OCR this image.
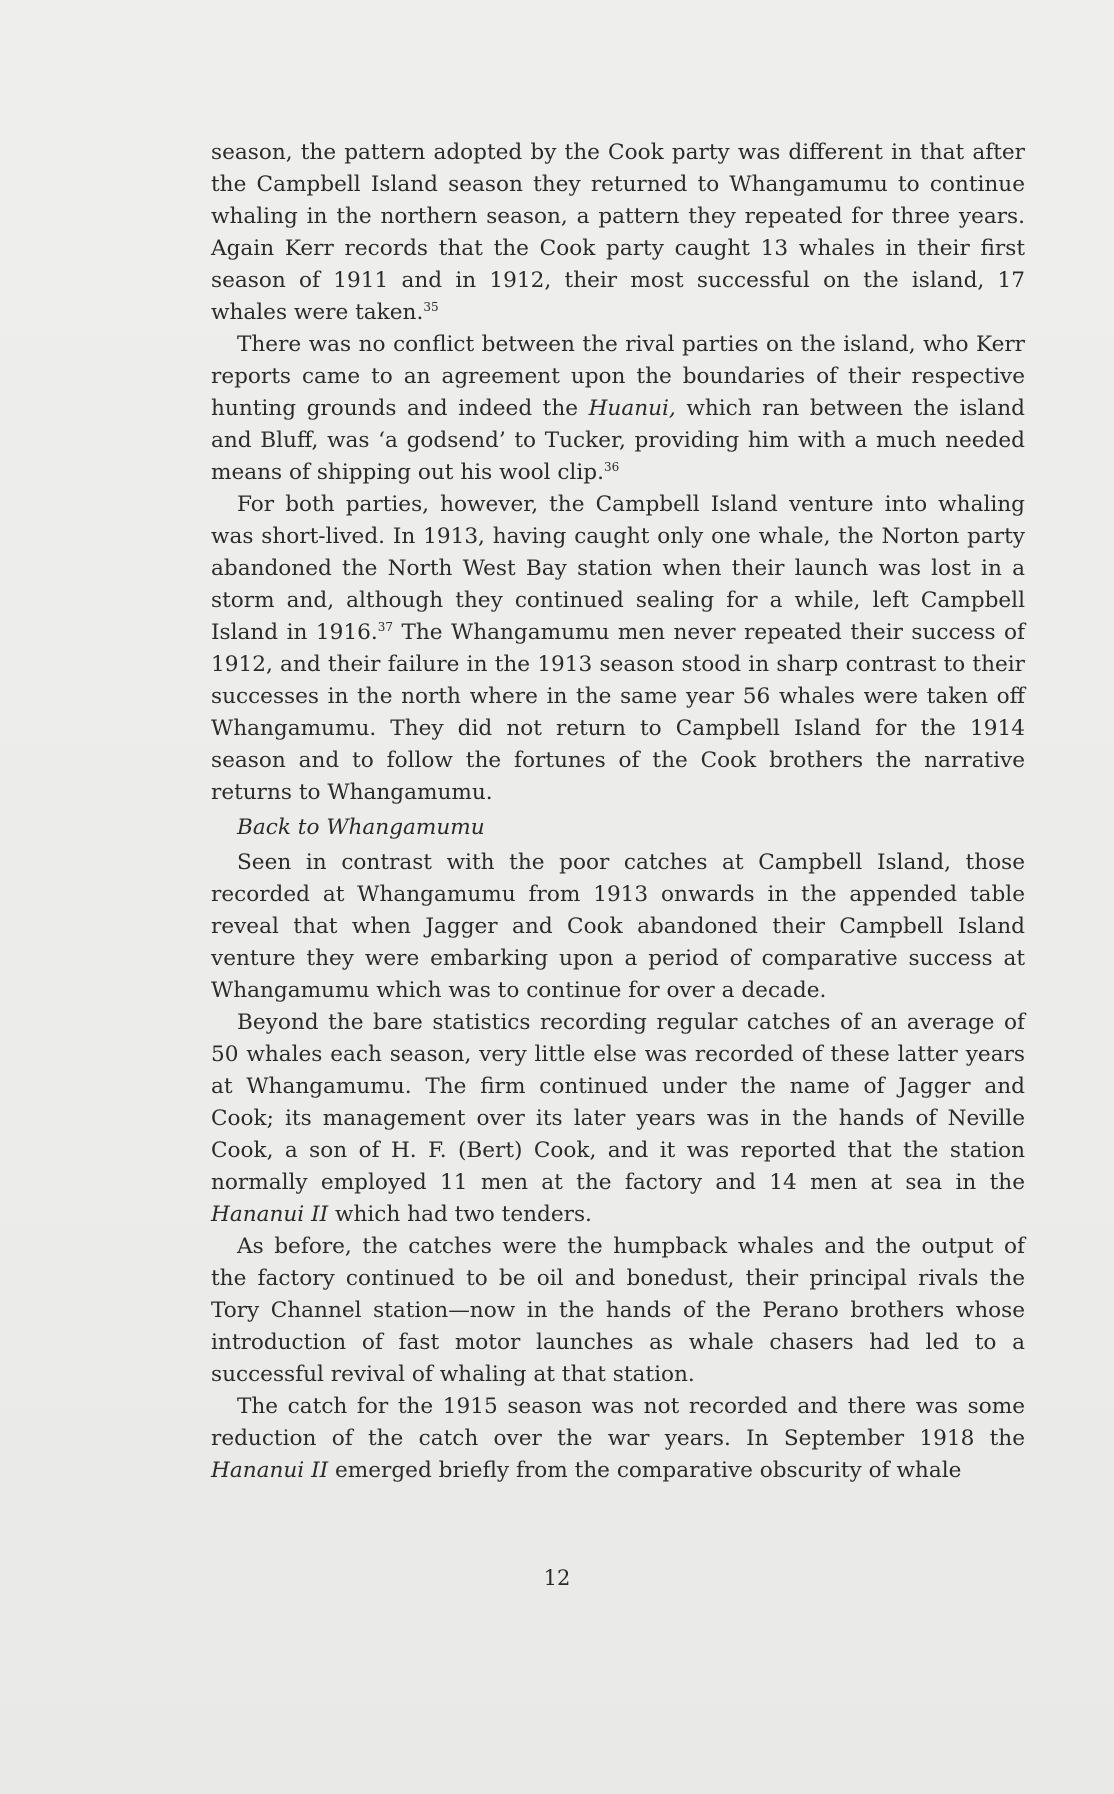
season, the pattern adopted by the Cook party was different in that after the Campbell Island season they returned to Whangamumu to continue whaling in the northern season, a pattern they repeated for three years. Again Kerr records that the Cook party caught 13 whales in their first season of 1911 and in 1912, their most successful on the island, 17 whales were taken.$^{35}$

There was no conflict between the rival parties on the island, who Kerr reports came to an agreement upon the boundaries of their respective hunting grounds and indeed the Huanui, which ran between the island and Bluff, was ‘a godsend’ to Tucker, providing him with a much needed means of shipping out his wool clip.$^{36}$

For both parties, however, the Campbell Island venture into whaling was short-lived. In 1913, having caught only one whale, the Norton party abandoned the North West Bay station when their launch was lost in a storm and, although they continued sealing for a while, left Campbell Island in 1916.37 The Whangamumu men never repeated their success of 1912, and their failure in the 1913 season stood in sharp contrast to their successes in the north where in the same year 56 whales were taken off Whangamumu. They did not return to Campbell Island for the 1914 season and to follow the fortunes of the Cook brothers the narrative returns to Whangamumu.

Back to Whangamumu

Seen in contrast with the poor catches at Campbell Island, those recorded at Whangamumu from 1913 onwards in the appended table reveal that when Jagger and Cook abandoned their Campbell Island venture they were embarking upon a period of comparative success at Whangamumu which was to continue for over a decade.

Beyond the bare statistics recording regular catches of an average of 50 whales each season, very little else was recorded of these latter years at Whangamumu. The firm continued under the name of Jagger and Cook; its management over its later years was in the hands of Neville Cook, a son of H. F. (Bert) Cook, and it was reported that the station normally employed 11 men at the factory and 14 men at sea in the Hananui II which had two tenders.

As before, the catches were the humpback whales and the output of the factory continued to be oil and bonedust, their principal rivals the Tory Channel station—now in the hands of the Perano brothers whose introduction of fast motor launches as whale chasers had led to a successful revival of whaling at that station.

The catch for the 1915 season was not recorded and there was some reduction of the catch over the war years. In September 1918 the Hananui II emerged briefly from the comparative obscurity of whale

12
